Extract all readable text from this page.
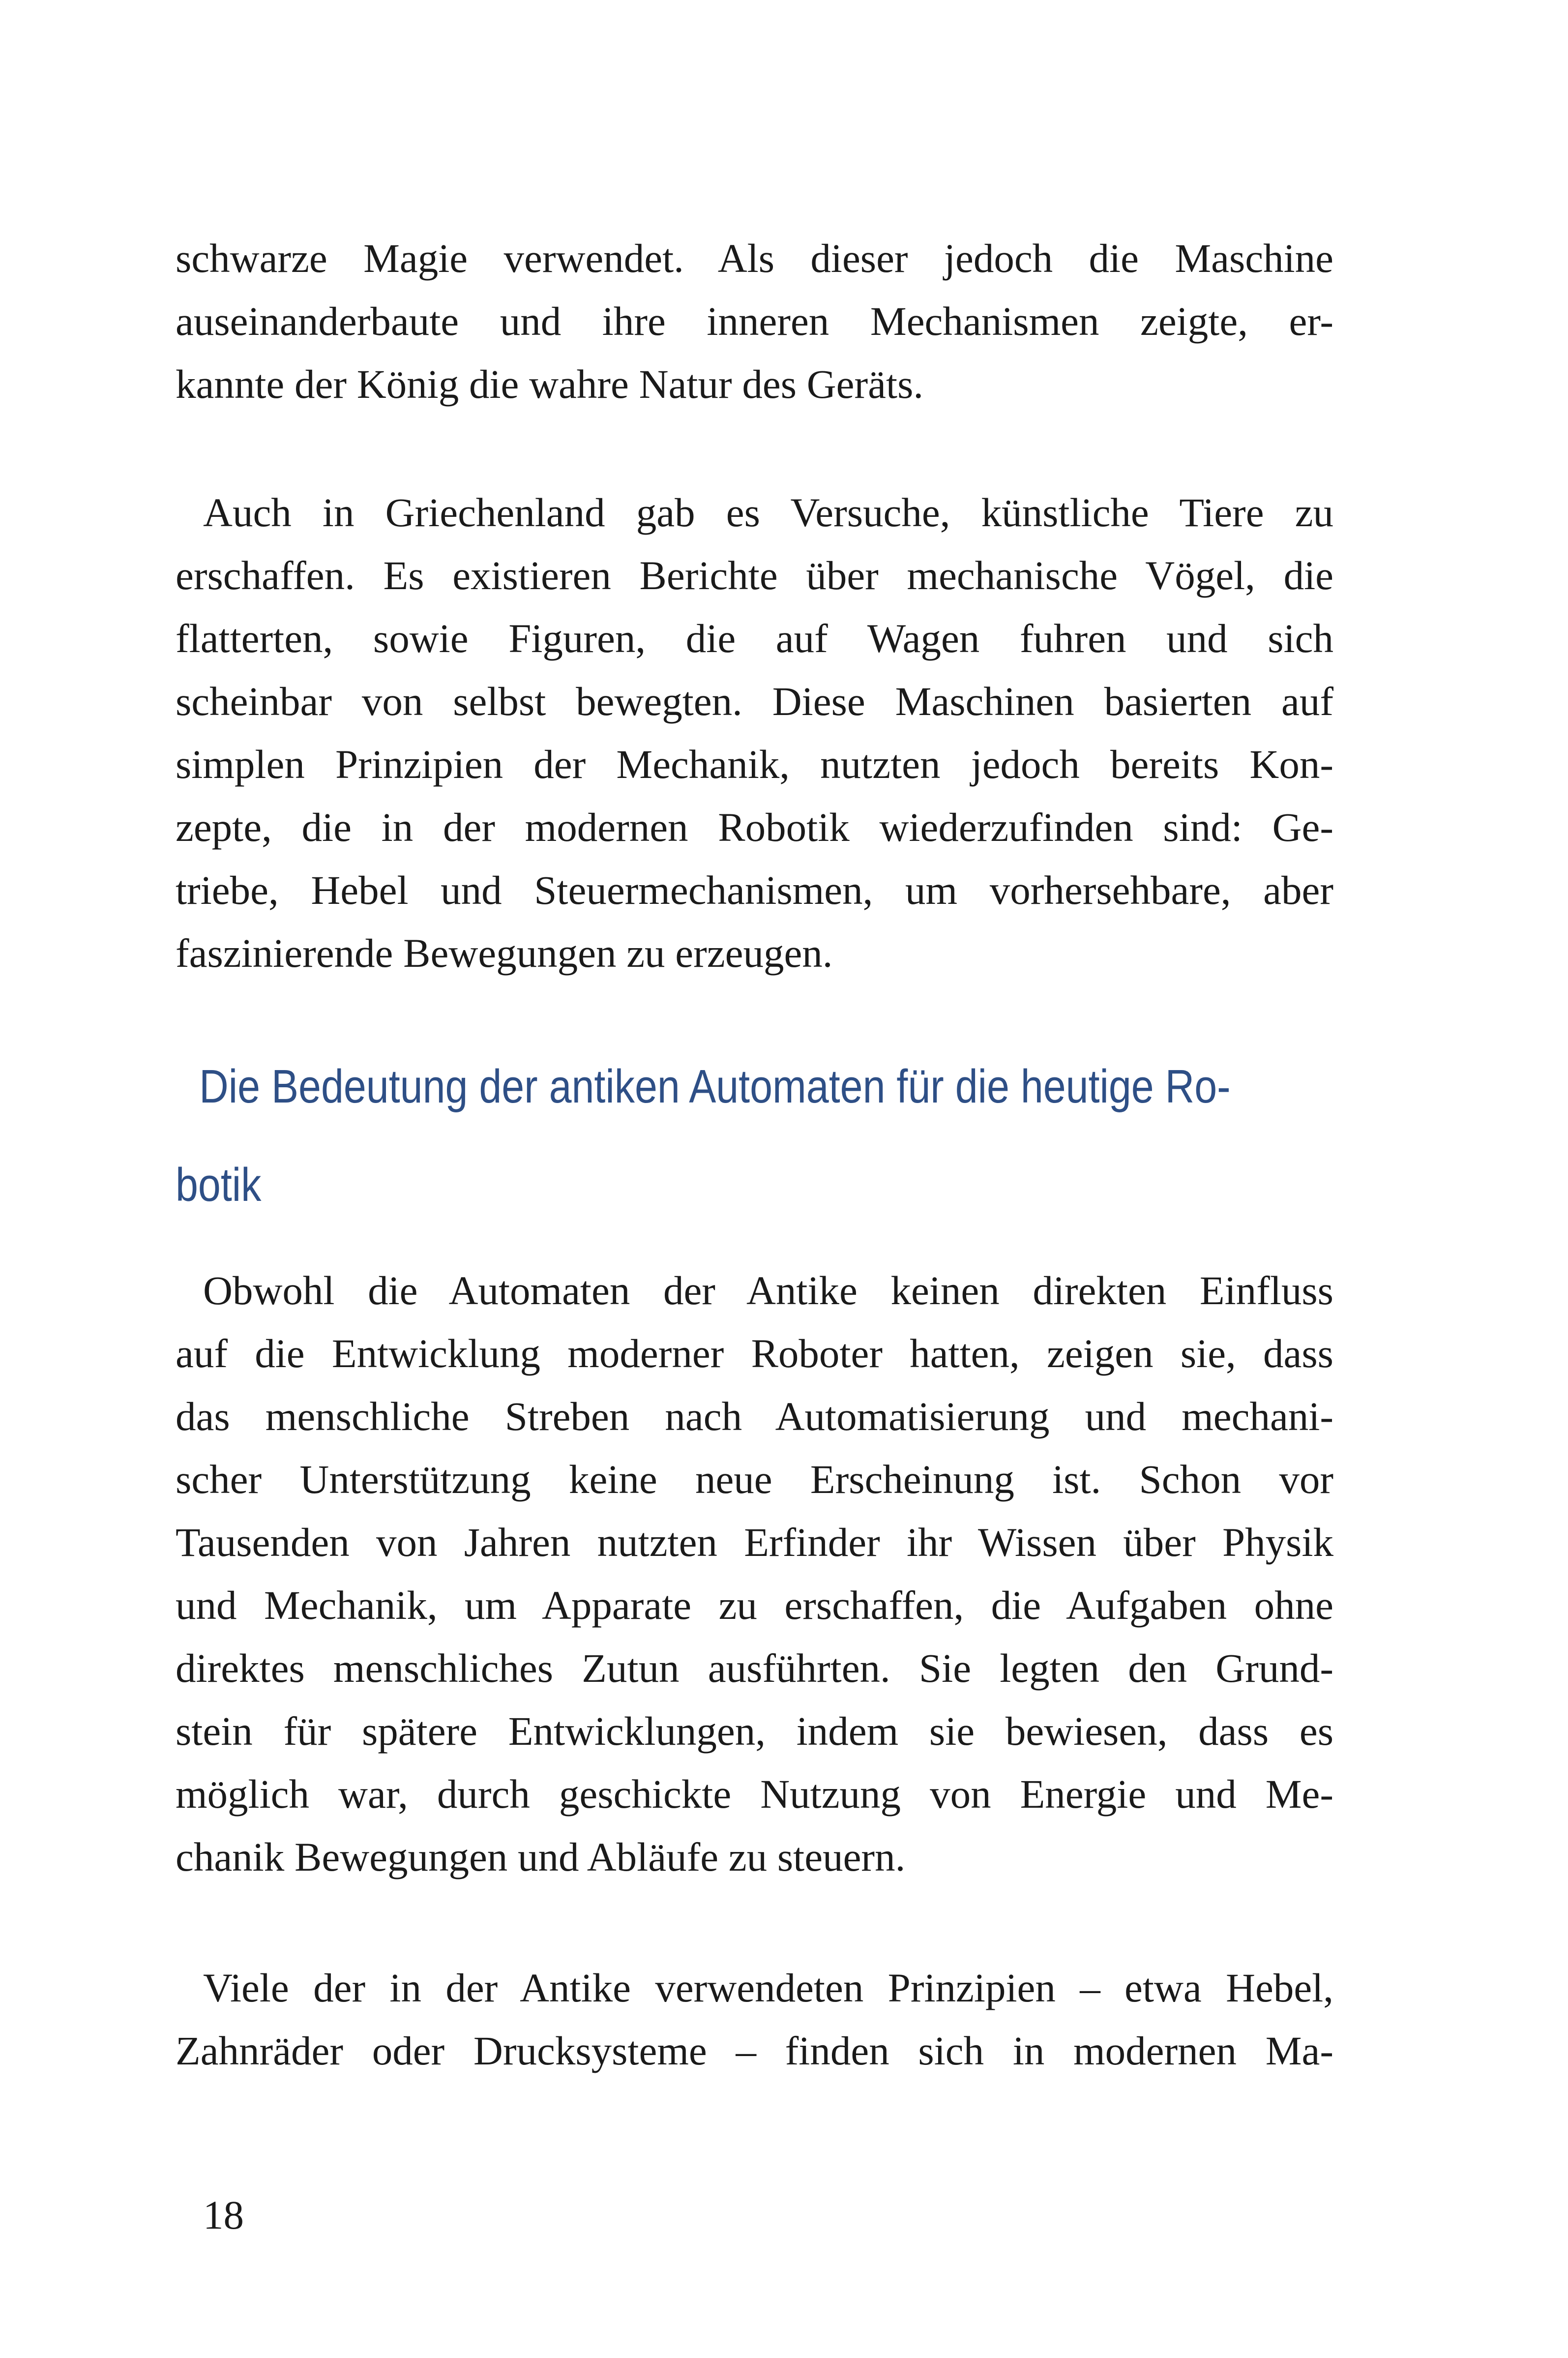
schwarze Magie verwendet. Als dieser jedoch die Maschine
auseinanderbaute und ihre inneren Mechanismen zeigte, er-
kannte der König die wahre Natur des Geräts.
Auch in Griechenland gab es Versuche, künstliche Tiere zu
erschaffen. Es existieren Berichte über mechanische Vögel, die
flatterten, sowie Figuren, die auf Wagen fuhren und sich
scheinbar von selbst bewegten. Diese Maschinen basierten auf
simplen Prinzipien der Mechanik, nutzten jedoch bereits Kon-
zepte, die in der modernen Robotik wiederzufinden sind: Ge-
triebe, Hebel und Steuermechanismen, um vorhersehbare, aber
faszinierende Bewegungen zu erzeugen.
Die Bedeutung der antiken Automaten für die heutige Ro-
botik
Obwohl die Automaten der Antike keinen direkten Einfluss
auf die Entwicklung moderner Roboter hatten, zeigen sie, dass
das menschliche Streben nach Automatisierung und mechani-
scher Unterstützung keine neue Erscheinung ist. Schon vor
Tausenden von Jahren nutzten Erfinder ihr Wissen über Physik
und Mechanik, um Apparate zu erschaffen, die Aufgaben ohne
direktes menschliches Zutun ausführten. Sie legten den Grund-
stein für spätere Entwicklungen, indem sie bewiesen, dass es
möglich war, durch geschickte Nutzung von Energie und Me-
chanik Bewegungen und Abläufe zu steuern.
Viele der in der Antike verwendeten Prinzipien – etwa Hebel,
Zahnräder oder Drucksysteme – finden sich in modernen Ma-
18
